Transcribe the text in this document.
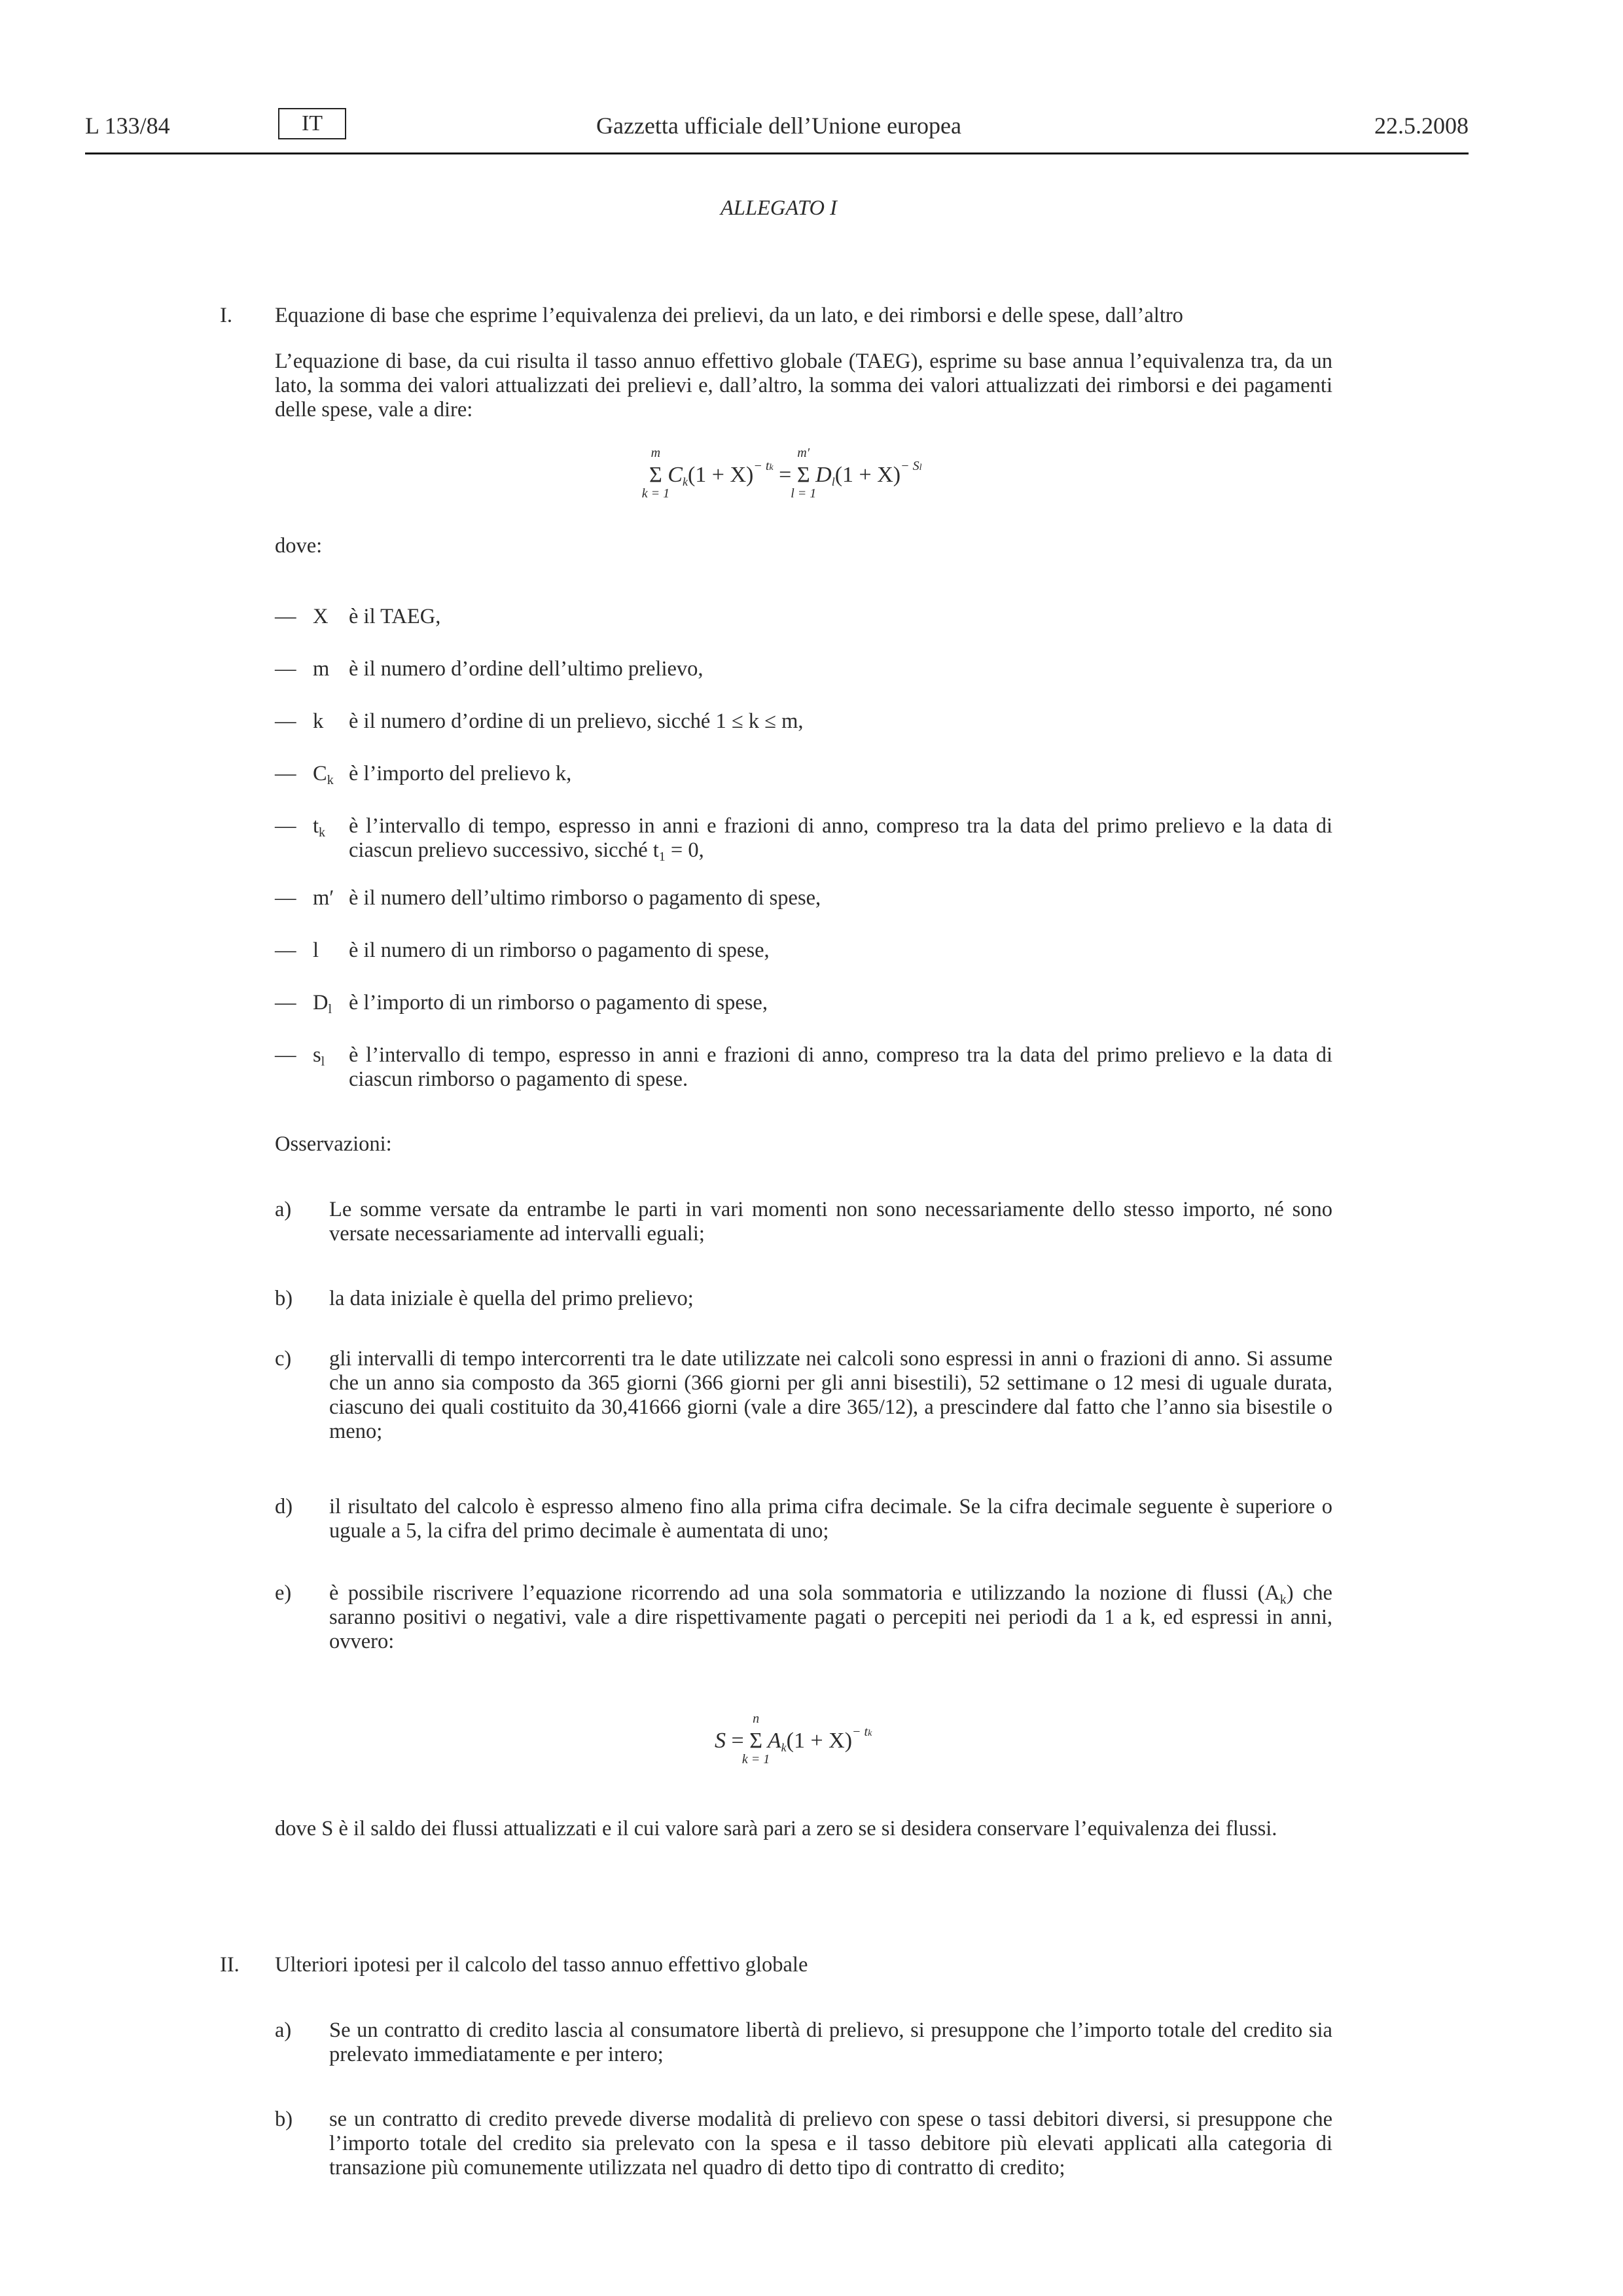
L 133/84	IT	Gazzetta ufficiale dell’Unione europea	22.5.2008
ALLEGATO I
I. Equazione di base che esprime l’equivalenza dei prelievi, da un lato, e dei rimborsi e delle spese, dall’altro
L’equazione di base, da cui risulta il tasso annuo effettivo globale (TAEG), esprime su base annua l’equivalenza tra, da un lato, la somma dei valori attualizzati dei prelievi e, dall’altro, la somma dei valori attualizzati dei rimborsi e dei pagamenti delle spese, vale a dire:
m
Σ
k = 1
$Ck(1 + X)^{- tk}$ =
m′
Σ
l = 1
$Dl(1 + X)^{- Sl}$
dove:
— X è il TAEG,
— m è il numero d’ordine dell’ultimo prelievo,
— k è il numero d’ordine di un prelievo, sicché 1 ≤ k ≤ m,
— $C_k$ è l’importo del prelievo k,
— $t_k$ è l’intervallo di tempo, espresso in anni e frazioni di anno, compreso tra la data del primo prelievo e la data di ciascun prelievo successivo, sicché $t_1 = 0$,
— m′ è il numero dell’ultimo rimborso o pagamento di spese,
— l è il numero di un rimborso o pagamento di spese,
— $D_l$ è l’importo di un rimborso o pagamento di spese,
— $s_l$ è l’intervallo di tempo, espresso in anni e frazioni di anno, compreso tra la data del primo prelievo e la data di ciascun rimborso o pagamento di spese.
Osservazioni:
a) Le somme versate da entrambe le parti in vari momenti non sono necessariamente dello stesso importo, né sono versate necessariamente ad intervalli eguali;
b) la data iniziale è quella del primo prelievo;
c) gli intervalli di tempo intercorrenti tra le date utilizzate nei calcoli sono espressi in anni o frazioni di anno. Si assume che un anno sia composto da 365 giorni (366 giorni per gli anni bisestili), 52 settimane o 12 mesi di uguale durata, ciascuno dei quali costituito da 30,41666 giorni (vale a dire 365/12), a prescindere dal fatto che l’anno sia bisestile o meno;
d) il risultato del calcolo è espresso almeno fino alla prima cifra decimale. Se la cifra decimale seguente è superiore o uguale a 5, la cifra del primo decimale è aumentata di uno;
e) è possibile riscrivere l’equazione ricorrendo ad una sola sommatoria e utilizzando la nozione di flussi $(A_k)$ che saranno positivi o negativi, vale a dire rispettivamente pagati o percepiti nei periodi da 1 a k, ed espressi in anni, ovvero:
S =
n
Σ
k = 1
$Ak(1 + X)^{- tk}$
dove S è il saldo dei flussi attualizzati e il cui valore sarà pari a zero se si desidera conservare l’equivalenza dei flussi.
II. Ulteriori ipotesi per il calcolo del tasso annuo effettivo globale
a) Se un contratto di credito lascia al consumatore libertà di prelievo, si presuppone che l’importo totale del credito sia prelevato immediatamente e per intero;
b) se un contratto di credito prevede diverse modalità di prelievo con spese o tassi debitori diversi, si presuppone che l’importo totale del credito sia prelevato con la spesa e il tasso debitore più elevati applicati alla categoria di transazione più comunemente utilizzata nel quadro di detto tipo di contratto di credito;
